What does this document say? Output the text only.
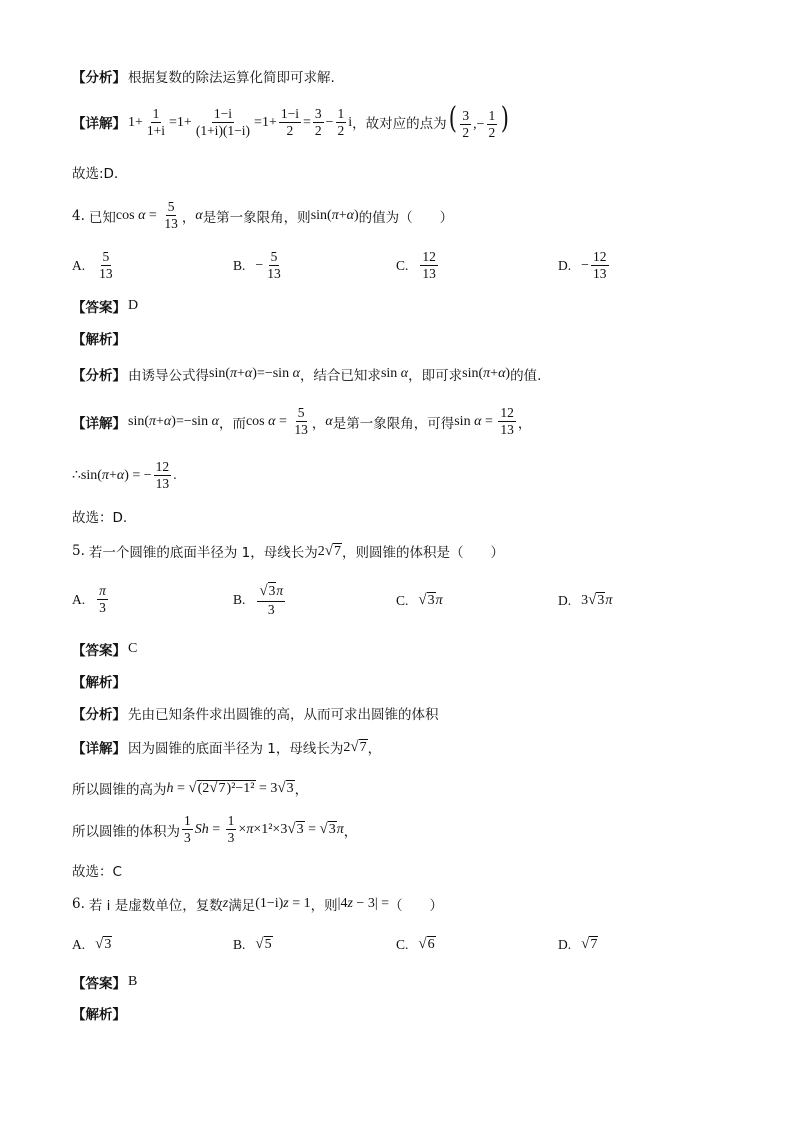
【分析】 根据复数的除法运算化简即可求解.
【详解】 $1+ \frac{1}{1+i} =1+ \frac{1-i}{(1+i)(1-i)} =1+ \frac{1-i}{2} = \frac{3}{2} - \frac{1}{2}$ i ，故对应的点为 ( $\frac{3}{2}$ ,− $\frac{1}{2}$ )
故选:D．
4. 已知 $\cos \alpha = \frac{5}{13}$ ， α 是第一象限角，则 sin(π+α) 的值为（　　）
A. $\frac{5}{13}$	B. − $\frac{5}{13}$	C. $\frac{12}{13}$	D. − $\frac{12}{13}$
【答案】 D
【解析】
【分析】 由诱导公式得 sin(π+α)=−sin α ，结合已知求 sin α ，即可求 sin(π+α) 的值.
【详解】 sin(π+α)=−sin α ，而 $\cos \alpha = \frac{5}{13}$ ， α 是第一象限角，可得 $\sin \alpha = \frac{12}{13}$ ，
∴ sin(π+α) = − $\frac{12}{13}$ .
故选：D.
5. 若一个圆锥的底面半径为 1，母线长为 2√7 ，则圆锥的体积是（　　）
A. $\frac{\pi}{3}$	B. $\frac{√3\pi}{3}$	C. √3π	D. 3√3π
【答案】 C
【解析】
【分析】 先由已知条件求出圆锥的高，从而可求出圆锥的体积
【详解】 因为圆锥的底面半径为 1，母线长为 2√7 ，
所以圆锥的高为 h = √(2√7)²−1² = 3√3 ，
所以圆锥的体积为 $\frac{1}{3}$ $Sh = \frac{1}{3} \times\pi\times 1^2\times 3√3 = √3\pi$ ，
故选：C
6. 若 i 是虚数单位，复数 z 满足 (1−i)z = 1 ，则 |4z − 3| = （　　）
A. √3	B. √5	C. √6	D. √7
【答案】 B
【解析】
